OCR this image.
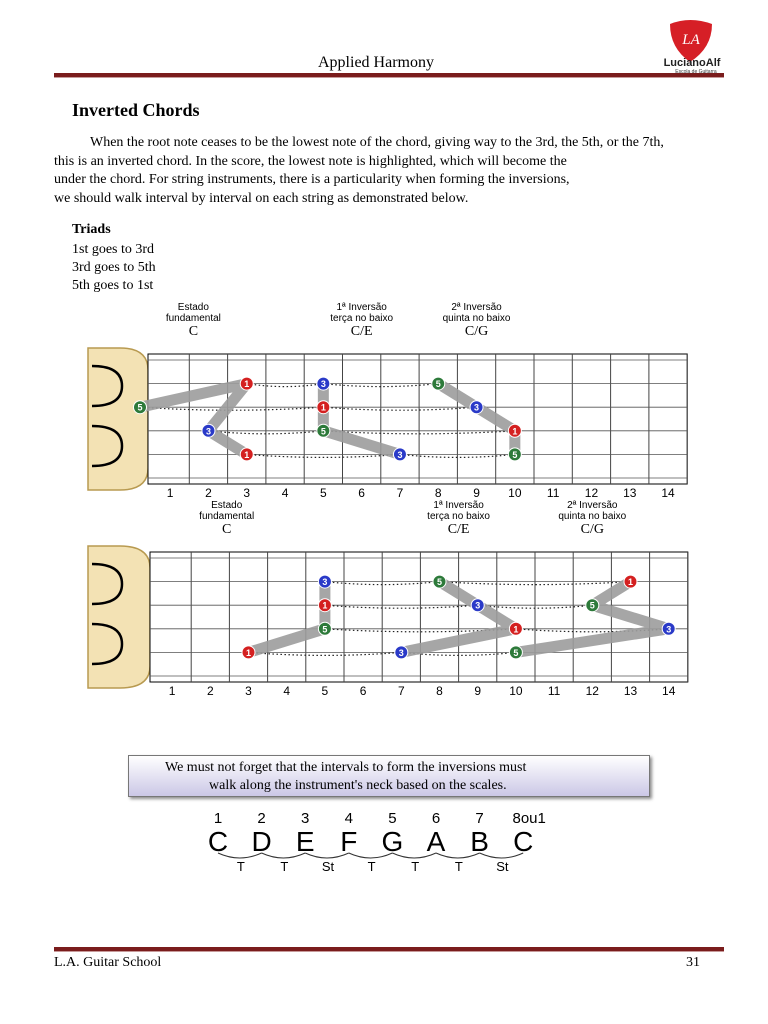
Applied Harmony
LA
LucianoAlf
Escola de Guitarra
Inverted Chords

When the root note ceases to be the lowest note of the chord, giving way to the 3rd, the 5th, or the 7th,

this is an inverted chord. In the score, the lowest note is highlighted, which will become the

under the chord. For string instruments, there is a particularity when forming the inversions,

we should walk interval by interval on each string as demonstrated below.

Triads
1st goes to 3rd
3rd goes to 5th
5th goes to 1st
1	2	3	4	5	6	7	8	9 10 11 12 13 14
Estado
fundamental
C
1ª Inversão
terça no baixo
C/E
2ª Inversão
quinta no baixo
C/G
5
1
3
1
3
1
5
3
5
3
1
5
1	2	3	4	5	6	7	8	9 10 11 12 13 14
Estado
fundamental
C
1ª Inversão
terça no baixo
C/E
2ª Inversão
quinta no baixo
C/G
3
1
5
1
5
3
1
3
1
5
3
5
We must not forget that the intervals to form the inversions must
walk along the instrument's neck based on the scales.
1
C
2
D
3
E
4
F
5
G
6
A
7
B
8ou1
C
T	T	St	T	T	T	St
L.A. Guitar School	31
